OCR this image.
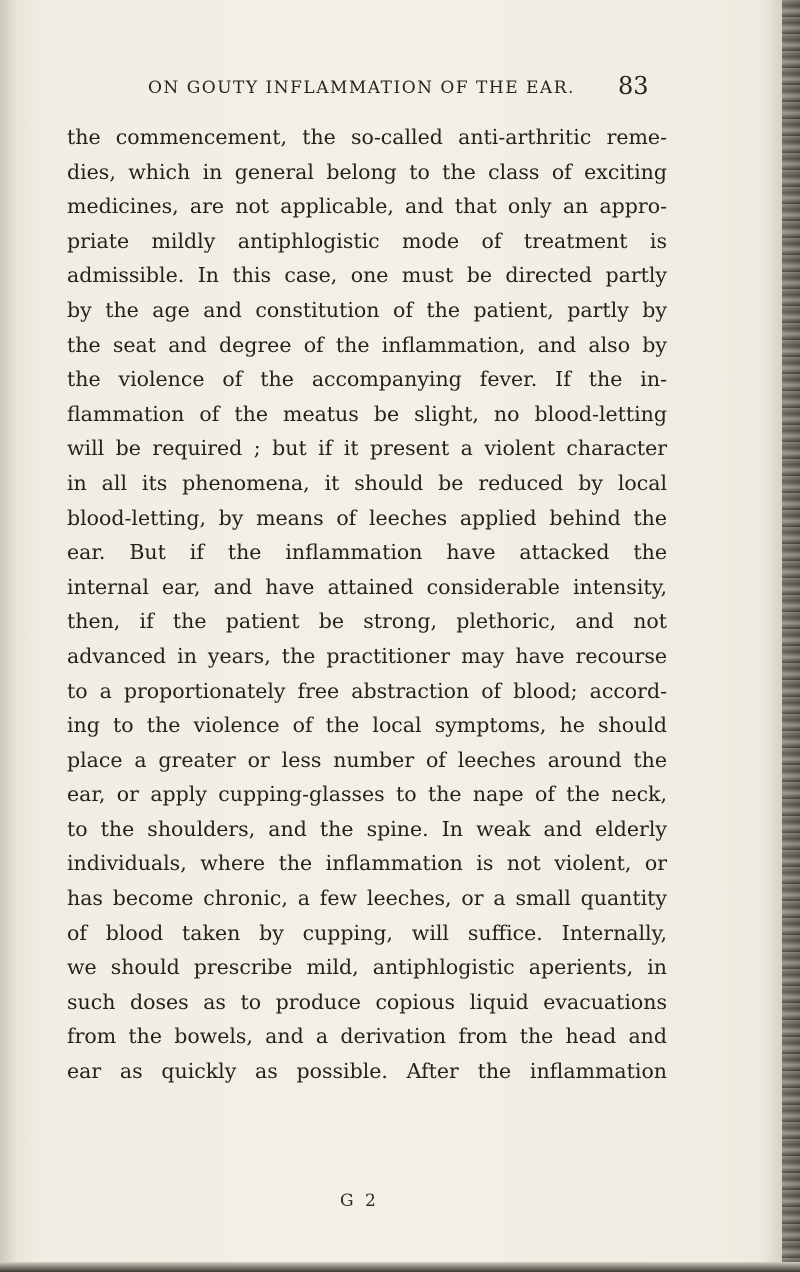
ON GOUTY INFLAMMATION OF THE EAR.	83
the commencement, the so-called anti-arthritic reme-
dies, which in general belong to the class of exciting
medicines, are not applicable, and that only an appro-
priate mildly antiphlogistic mode of treatment is
admissible. In this case, one must be directed partly
by the age and constitution of the patient, partly by
the seat and degree of the inflammation, and also by
the violence of the accompanying fever. If the in-
flammation of the meatus be slight, no blood-letting
will be required ; but if it present a violent character
in all its phenomena, it should be reduced by local
blood-letting, by means of leeches applied behind the
ear. But if the inflammation have attacked the
internal ear, and have attained considerable intensity,
then, if the patient be strong, plethoric, and not
advanced in years, the practitioner may have recourse
to a proportionately free abstraction of blood; accord-
ing to the violence of the local symptoms, he should
place a greater or less number of leeches around the
ear, or apply cupping-glasses to the nape of the neck,
to the shoulders, and the spine. In weak and elderly
individuals, where the inflammation is not violent, or
has become chronic, a few leeches, or a small quantity
of blood taken by cupping, will suffice. Internally,
we should prescribe mild, antiphlogistic aperients, in
such doses as to produce copious liquid evacuations
from the bowels, and a derivation from the head and
ear as quickly as possible. After the inflammation
G 2
